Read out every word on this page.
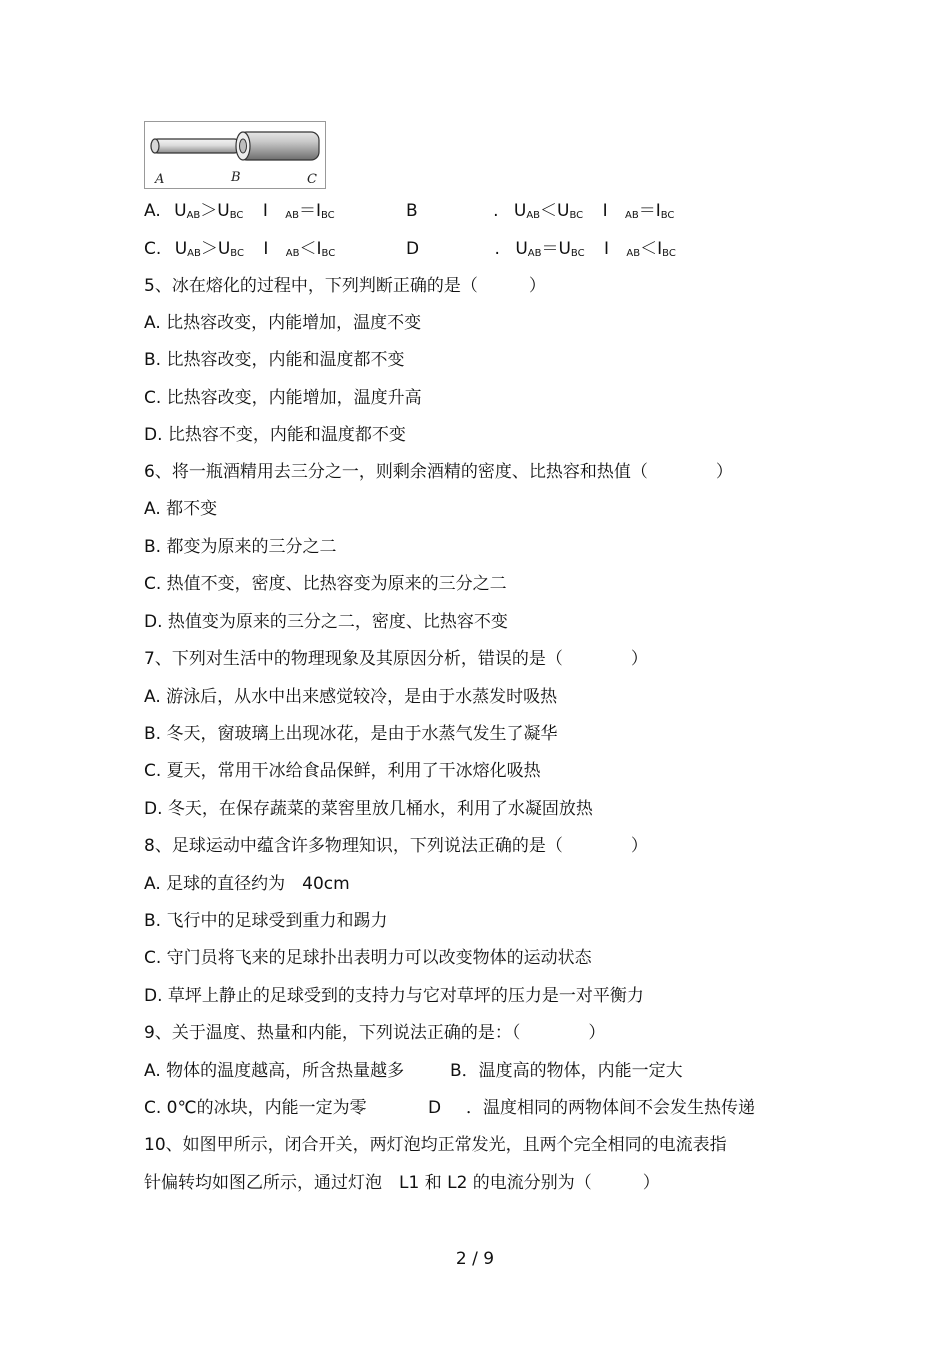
A	B	C
A. $U_{AB}>U_{BC}$ I $_{AB}=I_{BC}$	B	. $U_{AB}<U_{BC}$ I $_{AB}=I_{BC}$
C. $U_{AB}>U_{BC}$ I $_{AB}<I_{BC}$	D	. $U_{AB}=U_{BC}$ I $_{AB}<I_{BC}$
5、冰在熔化的过程中，下列判断正确的是（　　　）
A. 比热容改变，内能增加，温度不变
B. 比热容改变，内能和温度都不变
C. 比热容改变，内能增加，温度升高
D. 比热容不变，内能和温度都不变
6、将一瓶酒精用去三分之一，则剩余酒精的密度、比热容和热值（　　　　）
A. 都不变
B. 都变为原来的三分之二
C. 热值不变，密度、比热容变为原来的三分之二
D. 热值变为原来的三分之二，密度、比热容不变
7、下列对生活中的物理现象及其原因分析，错误的是（　　　　）
A. 游泳后，从水中出来感觉较冷，是由于水蒸发时吸热
B. 冬天，窗玻璃上出现冰花，是由于水蒸气发生了凝华
C. 夏天，常用干冰给食品保鲜，利用了干冰熔化吸热
D. 冬天，在保存蔬菜的菜窖里放几桶水，利用了水凝固放热
8、足球运动中蕴含许多物理知识，下列说法正确的是（　　　　）
A. 足球的直径约为　40cm
B. 飞行中的足球受到重力和踢力
C. 守门员将飞来的足球扑出表明力可以改变物体的运动状态
D. 草坪上静止的足球受到的支持力与它对草坪的压力是一对平衡力
9、关于温度、热量和内能，下列说法正确的是：（　　　　）
A. 物体的温度越高，所含热量越多	B．温度高的物体，内能一定大
C. 0℃的冰块，内能一定为零	D ．温度相同的两物体间不会发生热传递
10、如图甲所示，闭合开关，两灯泡均正常发光，且两个完全相同的电流表指
针偏转均如图乙所示，通过灯泡　L1 和 L2 的电流分别为（　　　）
2 / 9
